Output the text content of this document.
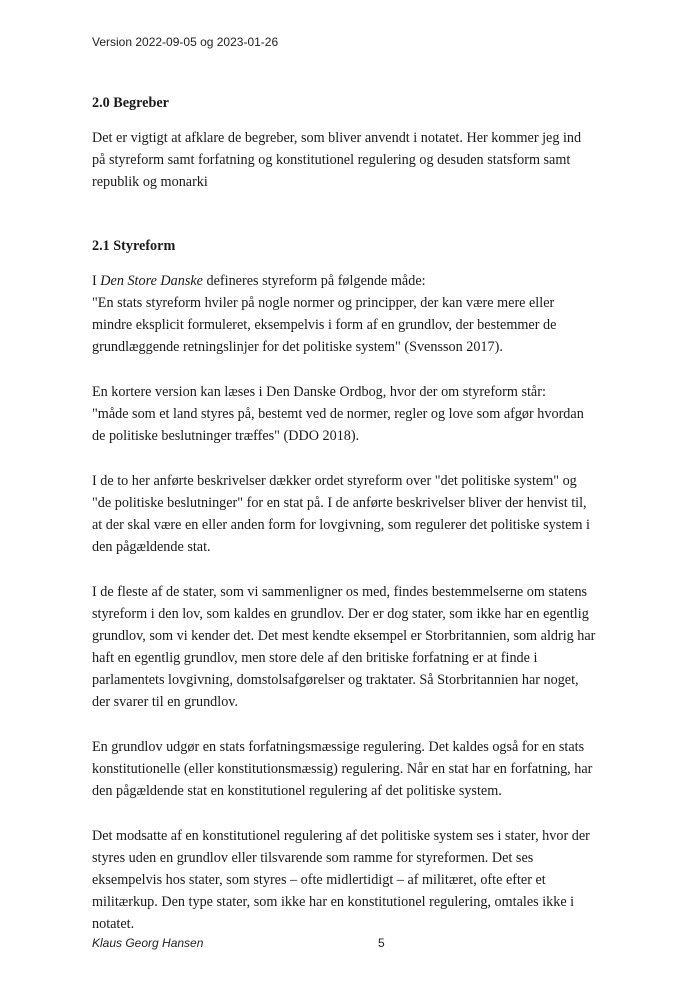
Version 2022-09-05 og 2023-01-26
2.0 Begreber

Det er vigtigt at afklare de begreber, som bliver anvendt i notatet. Her kommer jeg ind på styreform samt forfatning og konstitutionel regulering og desuden statsform samt republik og monarki

2.1 Styreform

I Den Store Danske defineres styreform på følgende måde:
"En stats styreform hviler på nogle normer og principper, der kan være mere eller mindre eksplicit formuleret, eksempelvis i form af en grundlov, der bestemmer de grundlæggende retningslinjer for det politiske system" (Svensson 2017).

En kortere version kan læses i Den Danske Ordbog, hvor der om styreform står:
"måde som et land styres på, bestemt ved de normer, regler og love som afgør hvordan de politiske beslutninger træffes" (DDO 2018).

I de to her anførte beskrivelser dækker ordet styreform over "det politiske system" og "de politiske beslutninger" for en stat på. I de anførte beskrivelser bliver der henvist til, at der skal være en eller anden form for lovgivning, som regulerer det politiske system i den pågældende stat.

I de fleste af de stater, som vi sammenligner os med, findes bestemmelserne om statens styreform i den lov, som kaldes en grundlov. Der er dog stater, som ikke har en egentlig grundlov, som vi kender det. Det mest kendte eksempel er Storbritannien, som aldrig har haft en egentlig grundlov, men store dele af den britiske forfatning er at finde i parlamentets lovgivning, domstolsafgørelser og traktater. Så Storbritannien har noget, der svarer til en grundlov.

En grundlov udgør en stats forfatningsmæssige regulering. Det kaldes også for en stats konstitutionelle (eller konstitutionsmæssig) regulering. Når en stat har en forfatning, har den pågældende stat en konstitutionel regulering af det politiske system.

Det modsatte af en konstitutionel regulering af det politiske system ses i stater, hvor der styres uden en grundlov eller tilsvarende som ramme for styreformen. Det ses eksempelvis hos stater, som styres – ofte midlertidigt – af militæret, ofte efter et militærkup. Den type stater, som ikke har en konstitutionel regulering, omtales ikke i notatet.

Klaus Georg Hansen	5
